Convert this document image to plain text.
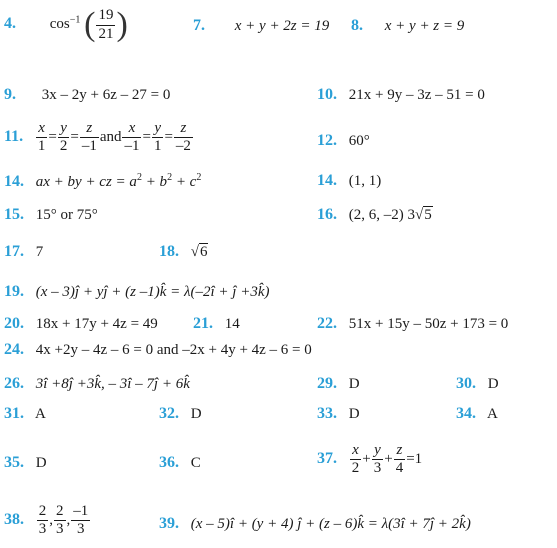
4. $\cos^{-1}$ ( $\frac{19}{21}$ )	7. x + y + 2z = 19 8. x + y + z = 9
9. 3x – 2y + 6z – 27 = 0	10. 21x + 9y – 3z – 51 = 0
11. $\frac{x}{1} = \frac{y}{2} = \frac{z}{-1}$ and $\frac{x}{-1} = \frac{y}{1} = \frac{z}{-2}$	12. 60°
14. ax + by + cz = $a^2 + b^2 + c^2$	14. (1, 1)
15. 15° or 75°	16. (2, 6, –2) 3√5
17. 7	18. √6
19. (x – 3)ĵ + yĵ + (z –1)k̂ = λ(–2î + ĵ +3k̂)
20. 18x + 17y + 4z = 49 21. 14	22. 51x + 15y – 50z + 173 = 0
24. 4x +2y – 4z – 6 = 0 and –2x + 4y + 4z – 6 = 0
26. 3î +8ĵ +3k̂, – 3î – 7ĵ + 6k̂	29. D	30. D
31. A	32. D	33. D	34. A
35. D	36. C	37. $\frac{x}{2} + \frac{y}{3} + \frac{z}{4} =1$
38. $\frac{2}{3}$ , $\frac{2}{3}$ , $\frac{-1}{3}$	39. (x – 5)î + (y + 4) ĵ + (z – 6)k̂ = λ(3î + 7ĵ + 2k̂)
